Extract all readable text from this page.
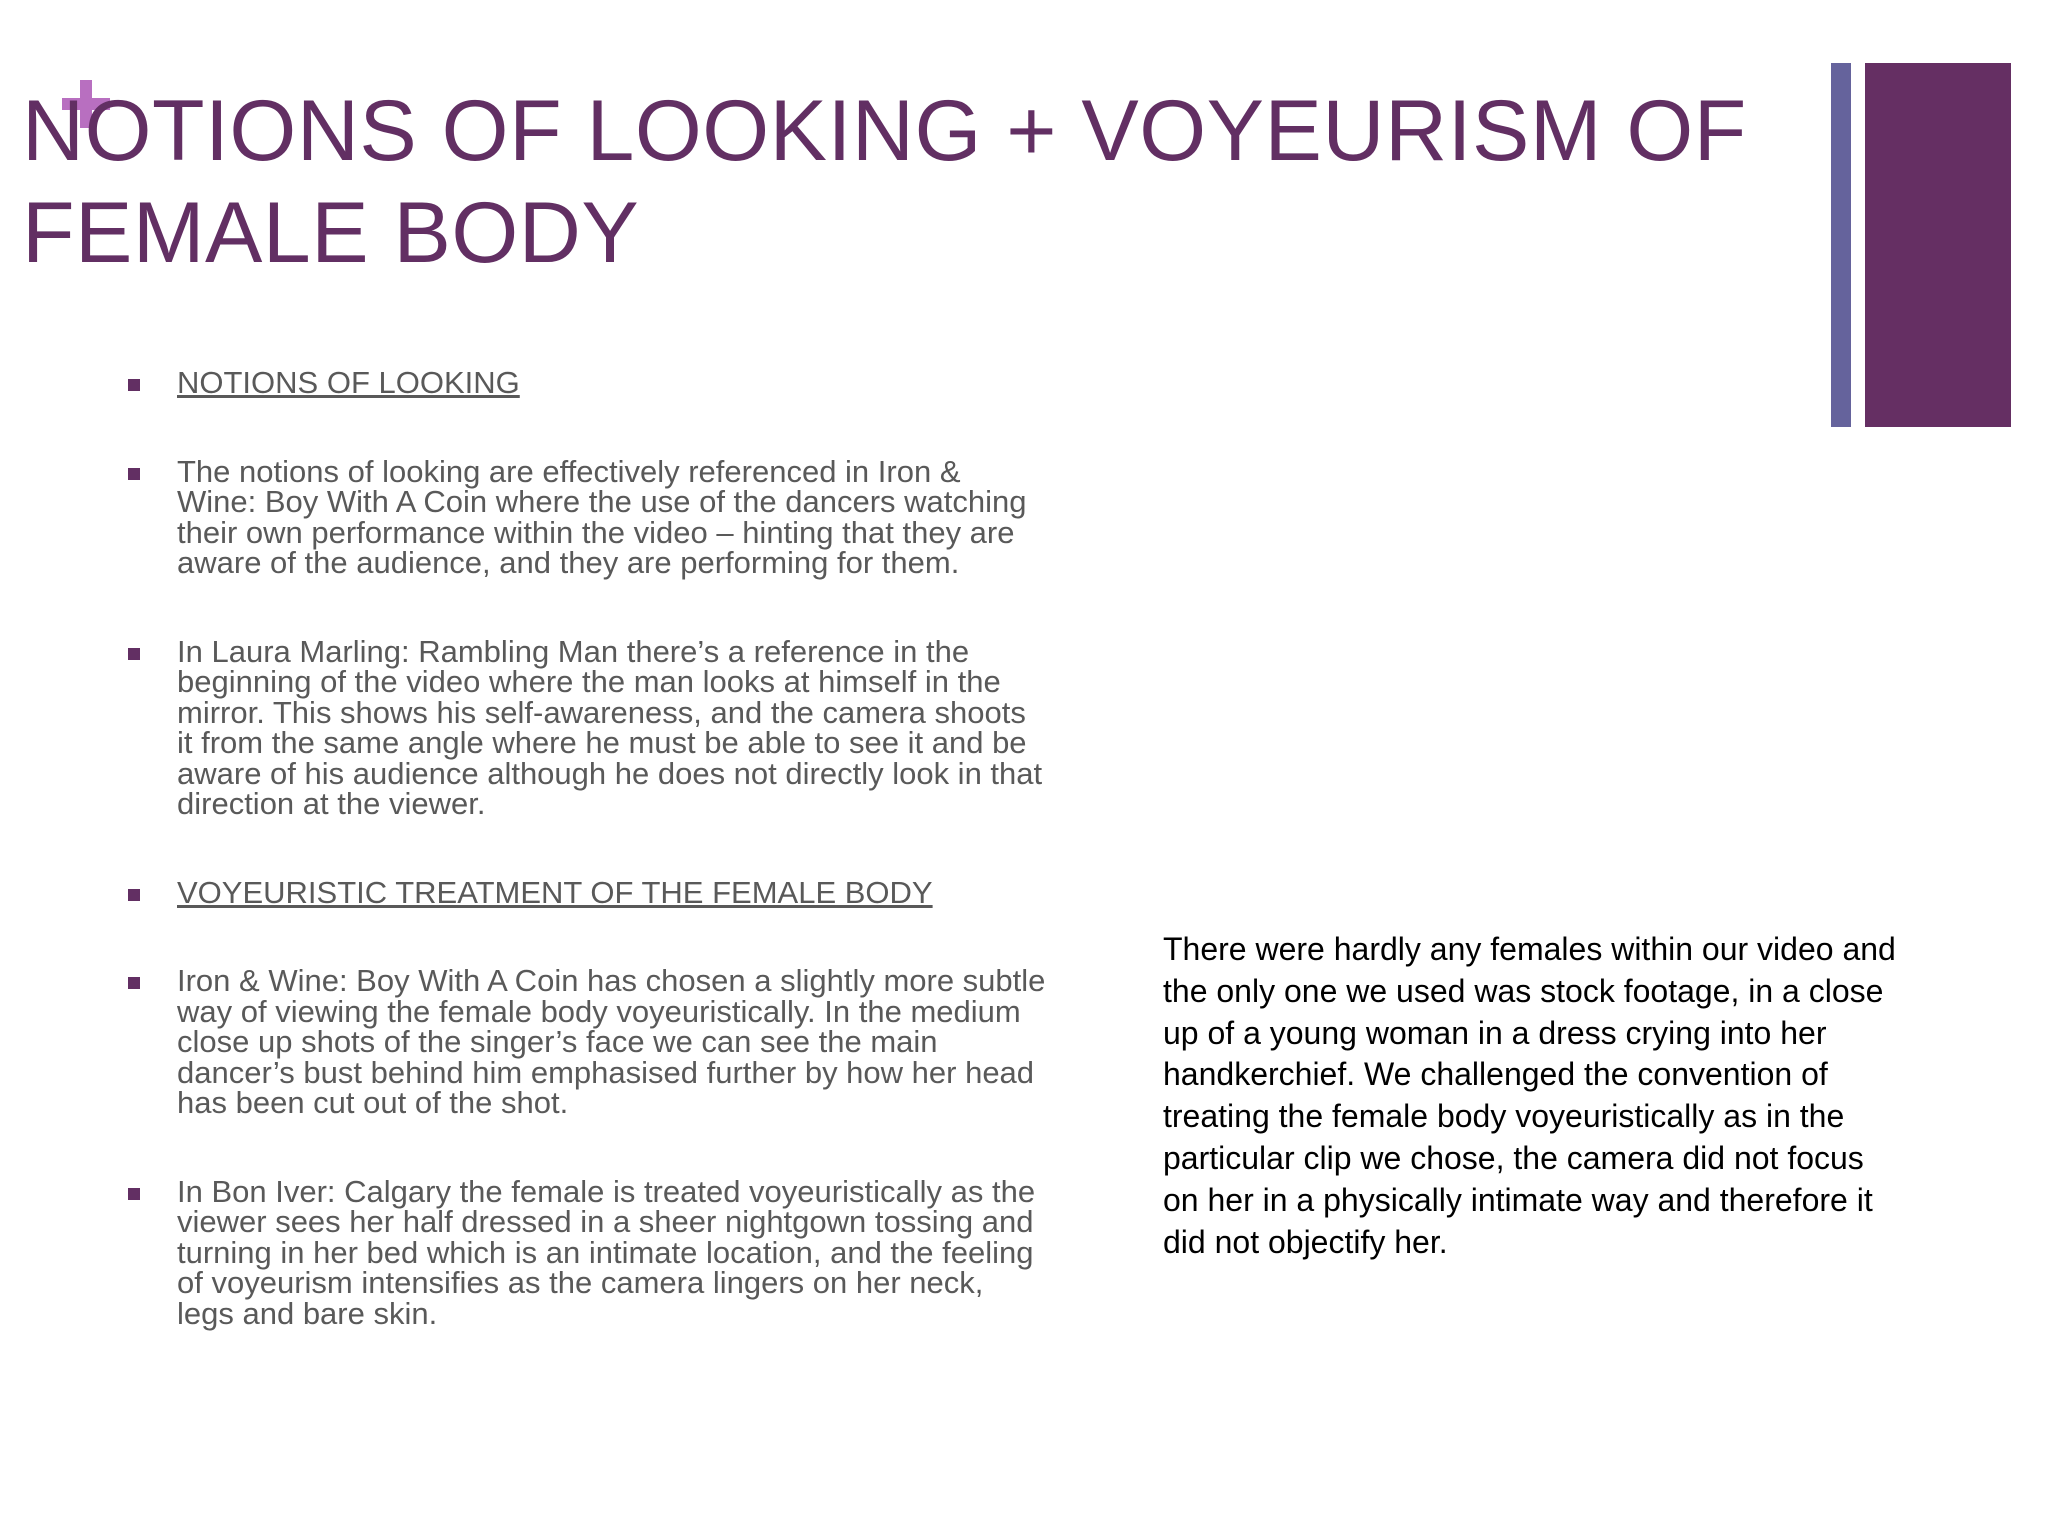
NOTIONS OF LOOKING + VOYEURISM OF FEMALE BODY
NOTIONS OF LOOKING
The notions of looking are effectively referenced in Iron & Wine: Boy With A Coin where the use of the dancers watching their own performance within the video – hinting that they are aware of the audience, and they are performing for them.
In Laura Marling: Rambling Man there’s a reference in the beginning of the video where the man looks at himself in the mirror. This shows his self-awareness, and the camera shoots it from the same angle where he must be able to see it and be aware of his audience although he does not directly look in that direction at the viewer.
VOYEURISTIC TREATMENT OF THE FEMALE BODY
Iron & Wine: Boy With A Coin has chosen a slightly more subtle way of viewing the female body voyeuristically. In the medium close up shots of the singer’s face we can see the main dancer’s bust behind him emphasised further by how her head has been cut out of the shot.
In Bon Iver: Calgary the female is treated voyeuristically as the viewer sees her half dressed in a sheer nightgown tossing and turning in her bed which is an intimate location, and the feeling of voyeurism intensifies as the camera lingers on her neck, legs and bare skin.

There were hardly any females within our video and the only one we used was stock footage, in a close up of a young woman in a dress crying into her handkerchief. We challenged the convention of treating the female body voyeuristically as in the particular clip we chose, the camera did not focus on her in a physically intimate way and therefore it did not objectify her.
